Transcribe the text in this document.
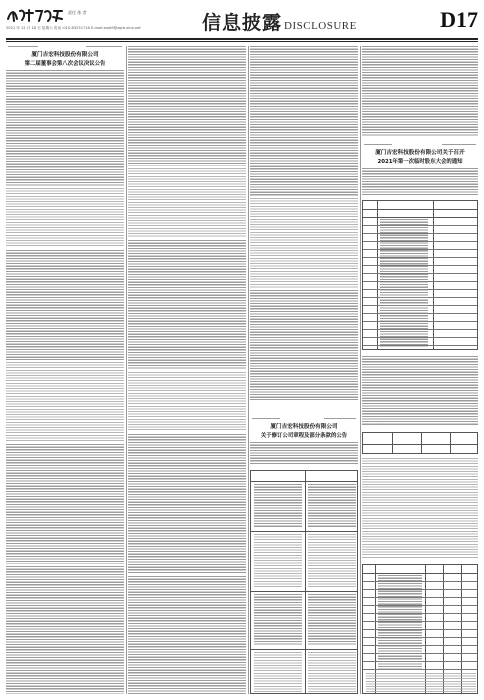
责任 体 者
2021 年 12 月 18 日 星期六 电话 :010-83251716 E-mail:zqrb9@zqrb.sina.net	信息披露 DISCLOSURE	D17
厦门吉宏科技股份有限公司
第二届董事会第八次会议决议公告
厦门吉宏科技股份有限公司
关于修订公司章程及部分条款的公告
厦门吉宏科技股份有限公司关于召开
2021年第一次临时股东大会的通知
